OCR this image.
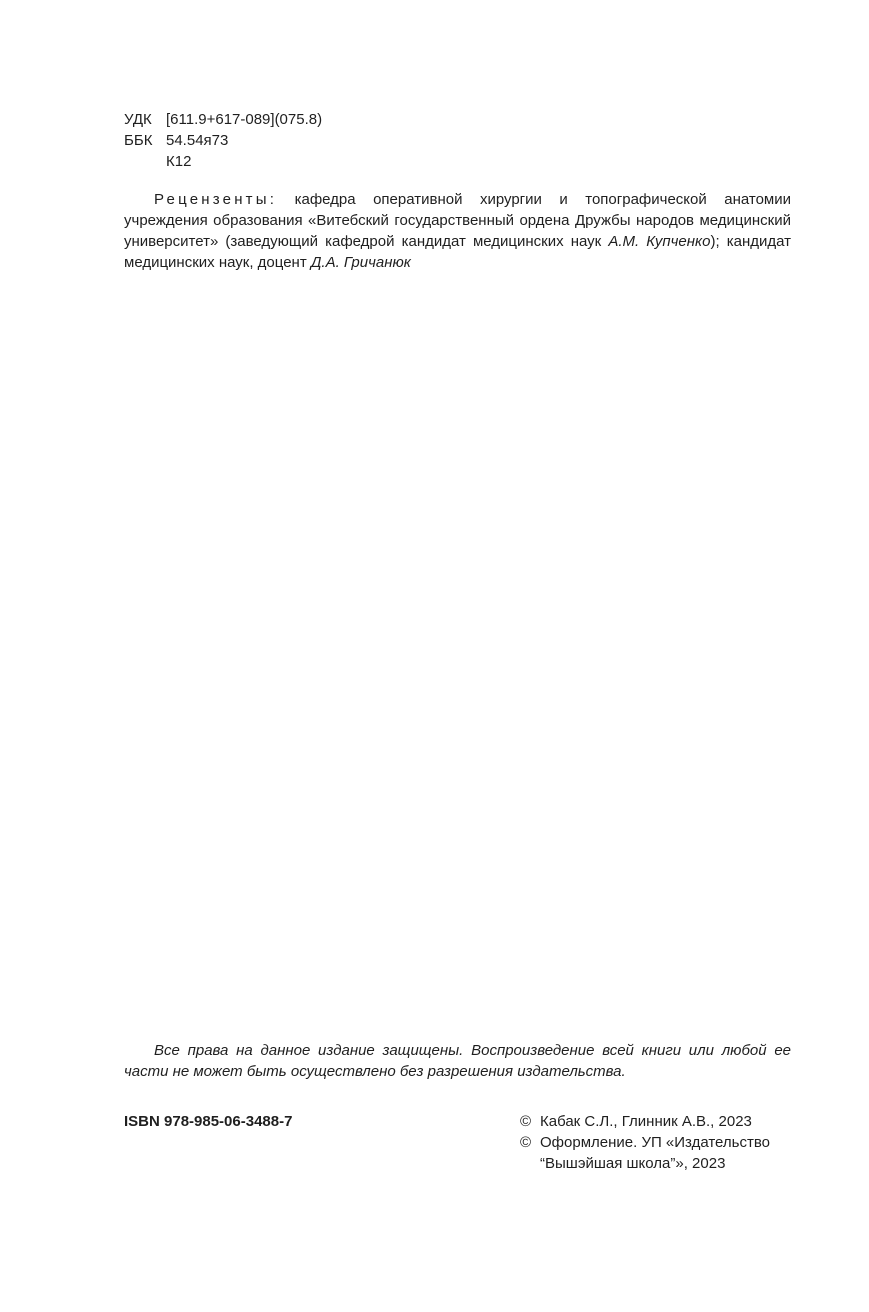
УДК [611.9+617-089](075.8)
ББК 54.54я73
К12

Рецензенты: кафедра оперативной хирургии и топографической анатомии учреждения образования «Витебский государственный ордена Дружбы народов медицинский университет» (заведующий кафедрой кандидат медицинских наук А.М. Купченко); кандидат медицинских наук, доцент Д.А. Гричанюк

Все права на данное издание защищены. Воспроизведение всей книги или любой ее части не может быть осуществлено без разрешения издательства.

ISBN 978-985-06-3488-7	© Кабак С.Л., Глинник А.В., 2023
© Оформление. УП «Издательство “Вышэйшая школа”», 2023
